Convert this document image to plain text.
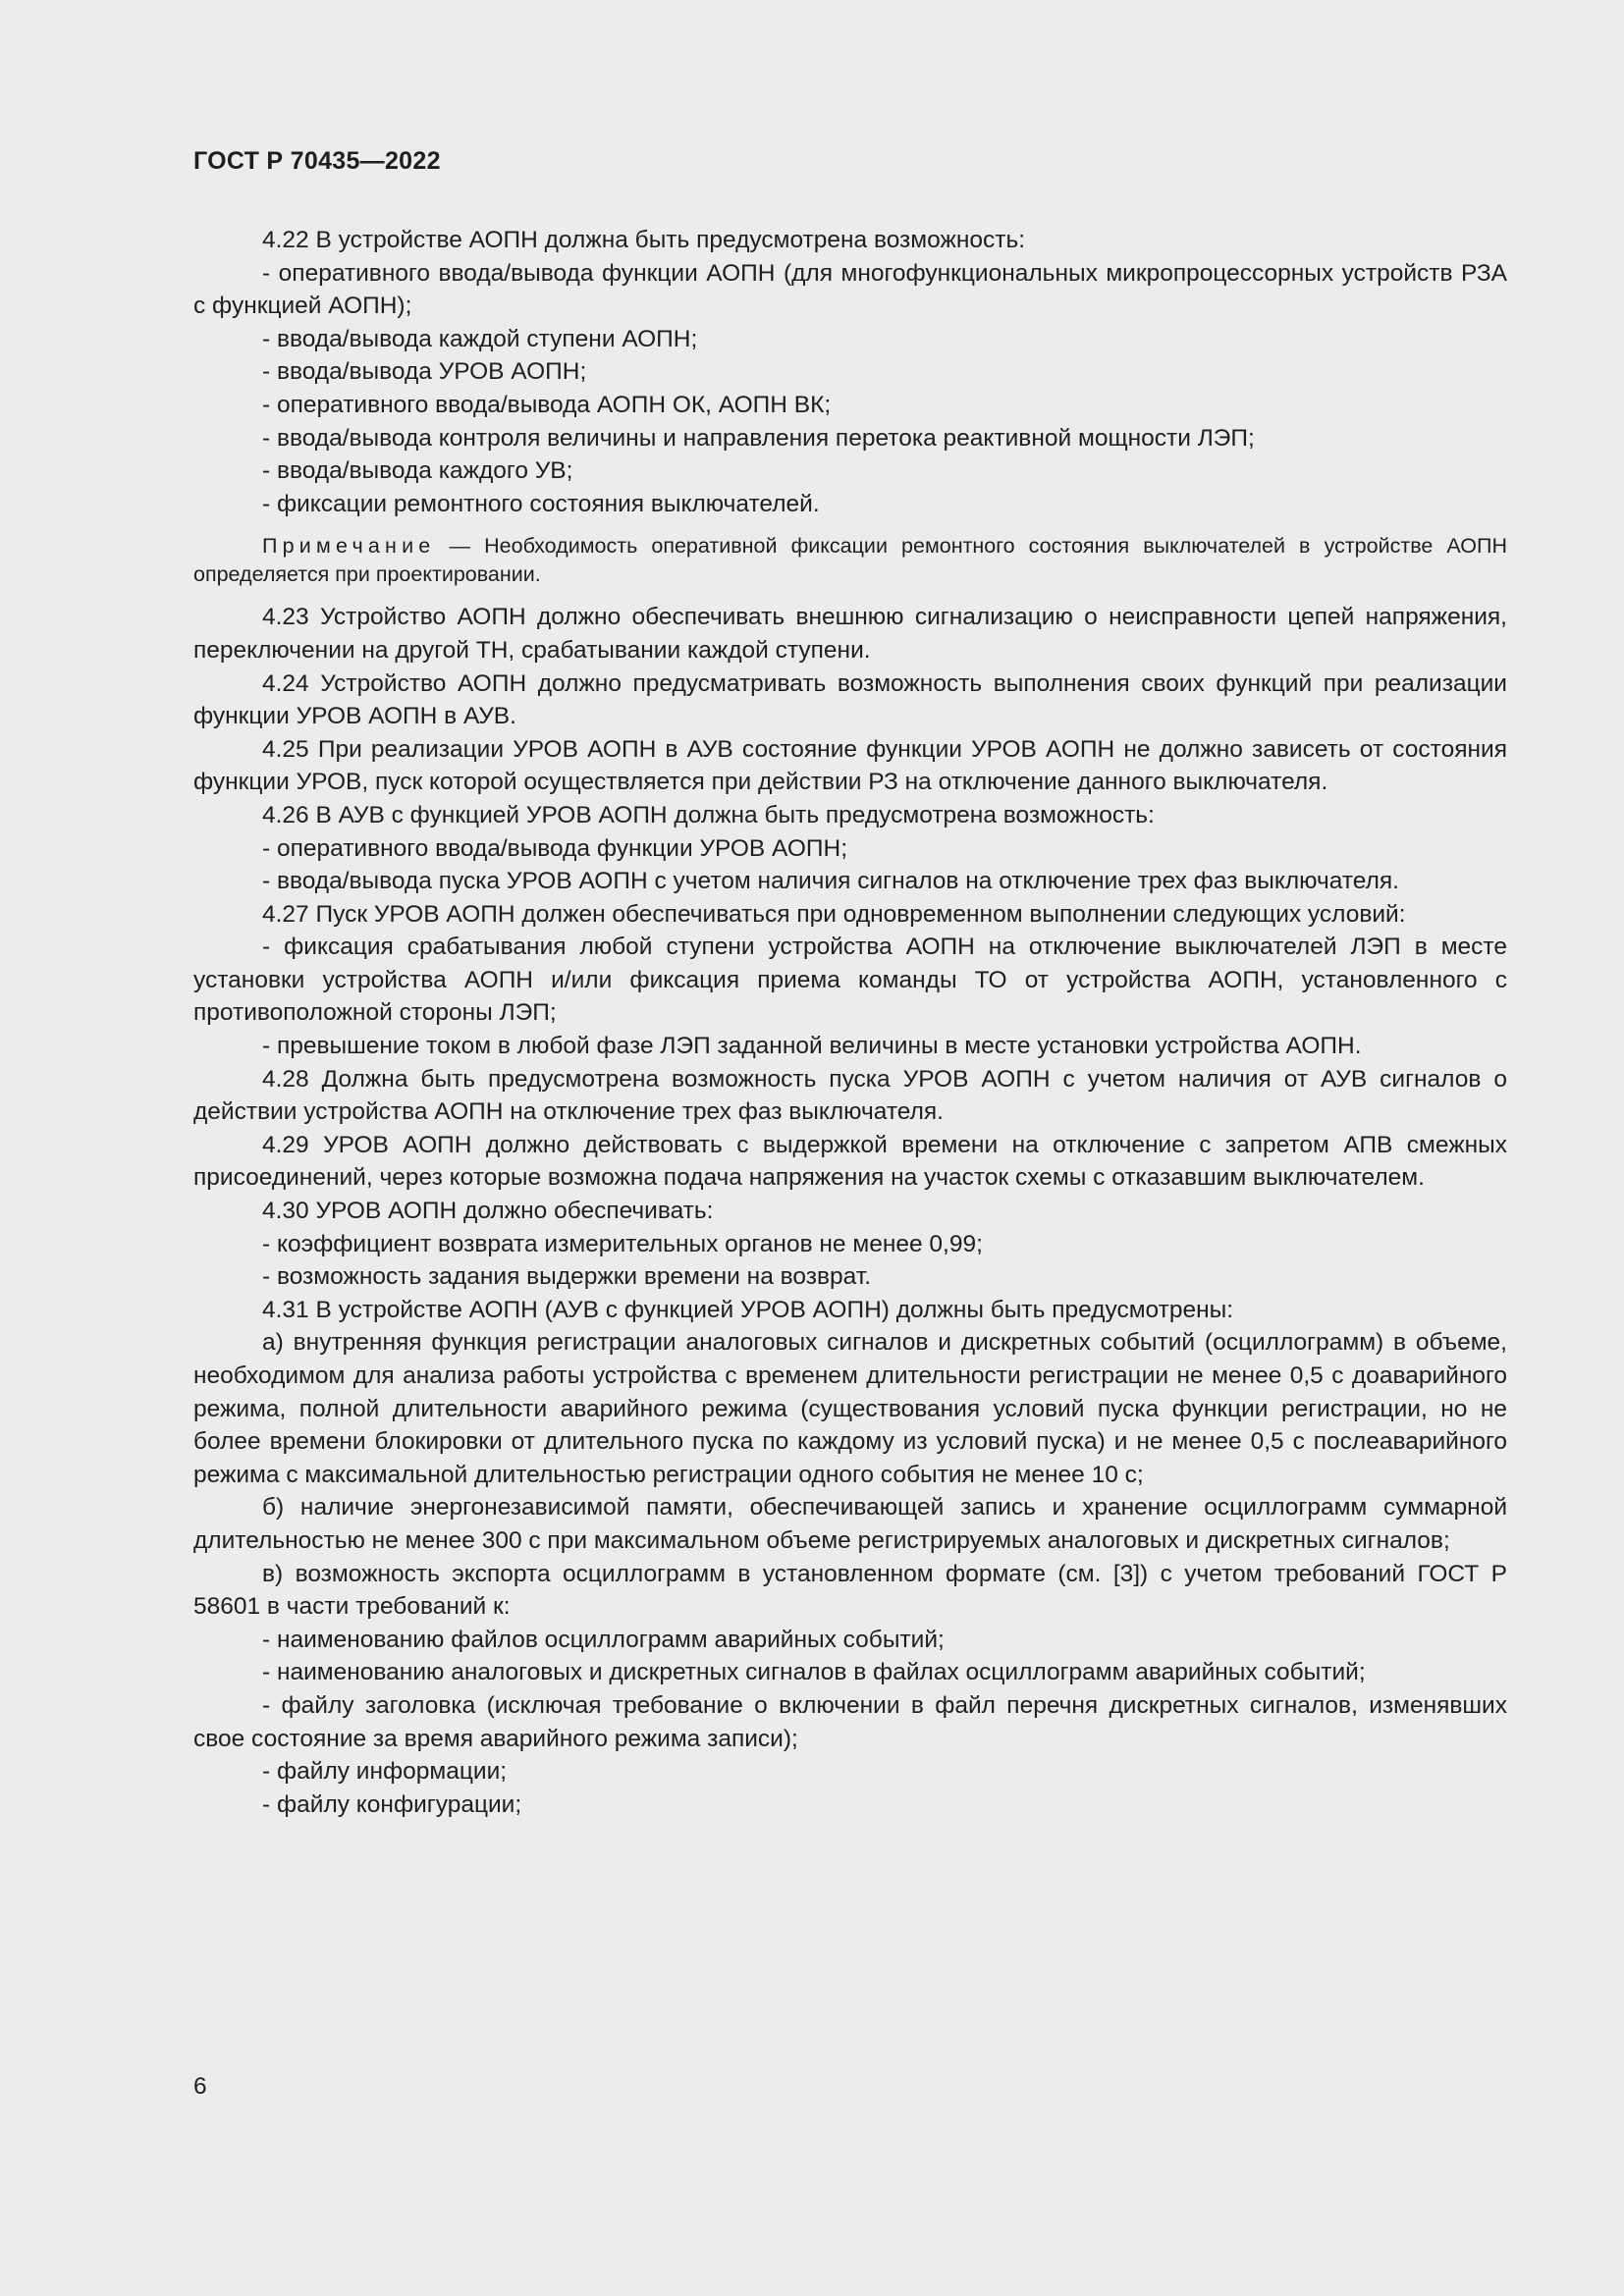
ГОСТ Р 70435—2022

4.22 В устройстве АОПН должна быть предусмотрена возможность:

- оперативного ввода/вывода функции АОПН (для многофункциональных микропроцессорных устройств РЗА с функцией АОПН);

- ввода/вывода каждой ступени АОПН;

- ввода/вывода УРОВ АОПН;

- оперативного ввода/вывода АОПН ОК, АОПН ВК;

- ввода/вывода контроля величины и направления перетока реактивной мощности ЛЭП;

- ввода/вывода каждого УВ;

- фиксации ремонтного состояния выключателей.

Примечание — Необходимость оперативной фиксации ремонтного состояния выключателей в устройстве АОПН определяется при проектировании.

4.23 Устройство АОПН должно обеспечивать внешнюю сигнализацию о неисправности цепей напряжения, переключении на другой ТН, срабатывании каждой ступени.

4.24 Устройство АОПН должно предусматривать возможность выполнения своих функций при реализации функции УРОВ АОПН в АУВ.

4.25 При реализации УРОВ АОПН в АУВ состояние функции УРОВ АОПН не должно зависеть от состояния функции УРОВ, пуск которой осуществляется при действии РЗ на отключение данного выключателя.

4.26 В АУВ с функцией УРОВ АОПН должна быть предусмотрена возможность:

- оперативного ввода/вывода функции УРОВ АОПН;

- ввода/вывода пуска УРОВ АОПН с учетом наличия сигналов на отключение трех фаз выключателя.

4.27 Пуск УРОВ АОПН должен обеспечиваться при одновременном выполнении следующих условий:

- фиксация срабатывания любой ступени устройства АОПН на отключение выключателей ЛЭП в месте установки устройства АОПН и/или фиксация приема команды ТО от устройства АОПН, установленного с противоположной стороны ЛЭП;

- превышение током в любой фазе ЛЭП заданной величины в месте установки устройства АОПН.

4.28 Должна быть предусмотрена возможность пуска УРОВ АОПН с учетом наличия от АУВ сигналов о действии устройства АОПН на отключение трех фаз выключателя.

4.29 УРОВ АОПН должно действовать с выдержкой времени на отключение с запретом АПВ смежных присоединений, через которые возможна подача напряжения на участок схемы с отказавшим выключателем.

4.30 УРОВ АОПН должно обеспечивать:

- коэффициент возврата измерительных органов не менее 0,99;

- возможность задания выдержки времени на возврат.

4.31 В устройстве АОПН (АУВ с функцией УРОВ АОПН) должны быть предусмотрены:

а) внутренняя функция регистрации аналоговых сигналов и дискретных событий (осциллограмм) в объеме, необходимом для анализа работы устройства с временем длительности регистрации не менее 0,5 с доаварийного режима, полной длительности аварийного режима (существования условий пуска функции регистрации, но не более времени блокировки от длительного пуска по каждому из условий пуска) и не менее 0,5 с послеаварийного режима с максимальной длительностью регистрации одного события не менее 10 с;

б) наличие энергонезависимой памяти, обеспечивающей запись и хранение осциллограмм суммарной длительностью не менее 300 с при максимальном объеме регистрируемых аналоговых и дискретных сигналов;

в) возможность экспорта осциллограмм в установленном формате (см. [3]) с учетом требований ГОСТ Р 58601 в части требований к:

- наименованию файлов осциллограмм аварийных событий;

- наименованию аналоговых и дискретных сигналов в файлах осциллограмм аварийных событий;

- файлу заголовка (исключая требование о включении в файл перечня дискретных сигналов, изменявших свое состояние за время аварийного режима записи);

- файлу информации;

- файлу конфигурации;

6
